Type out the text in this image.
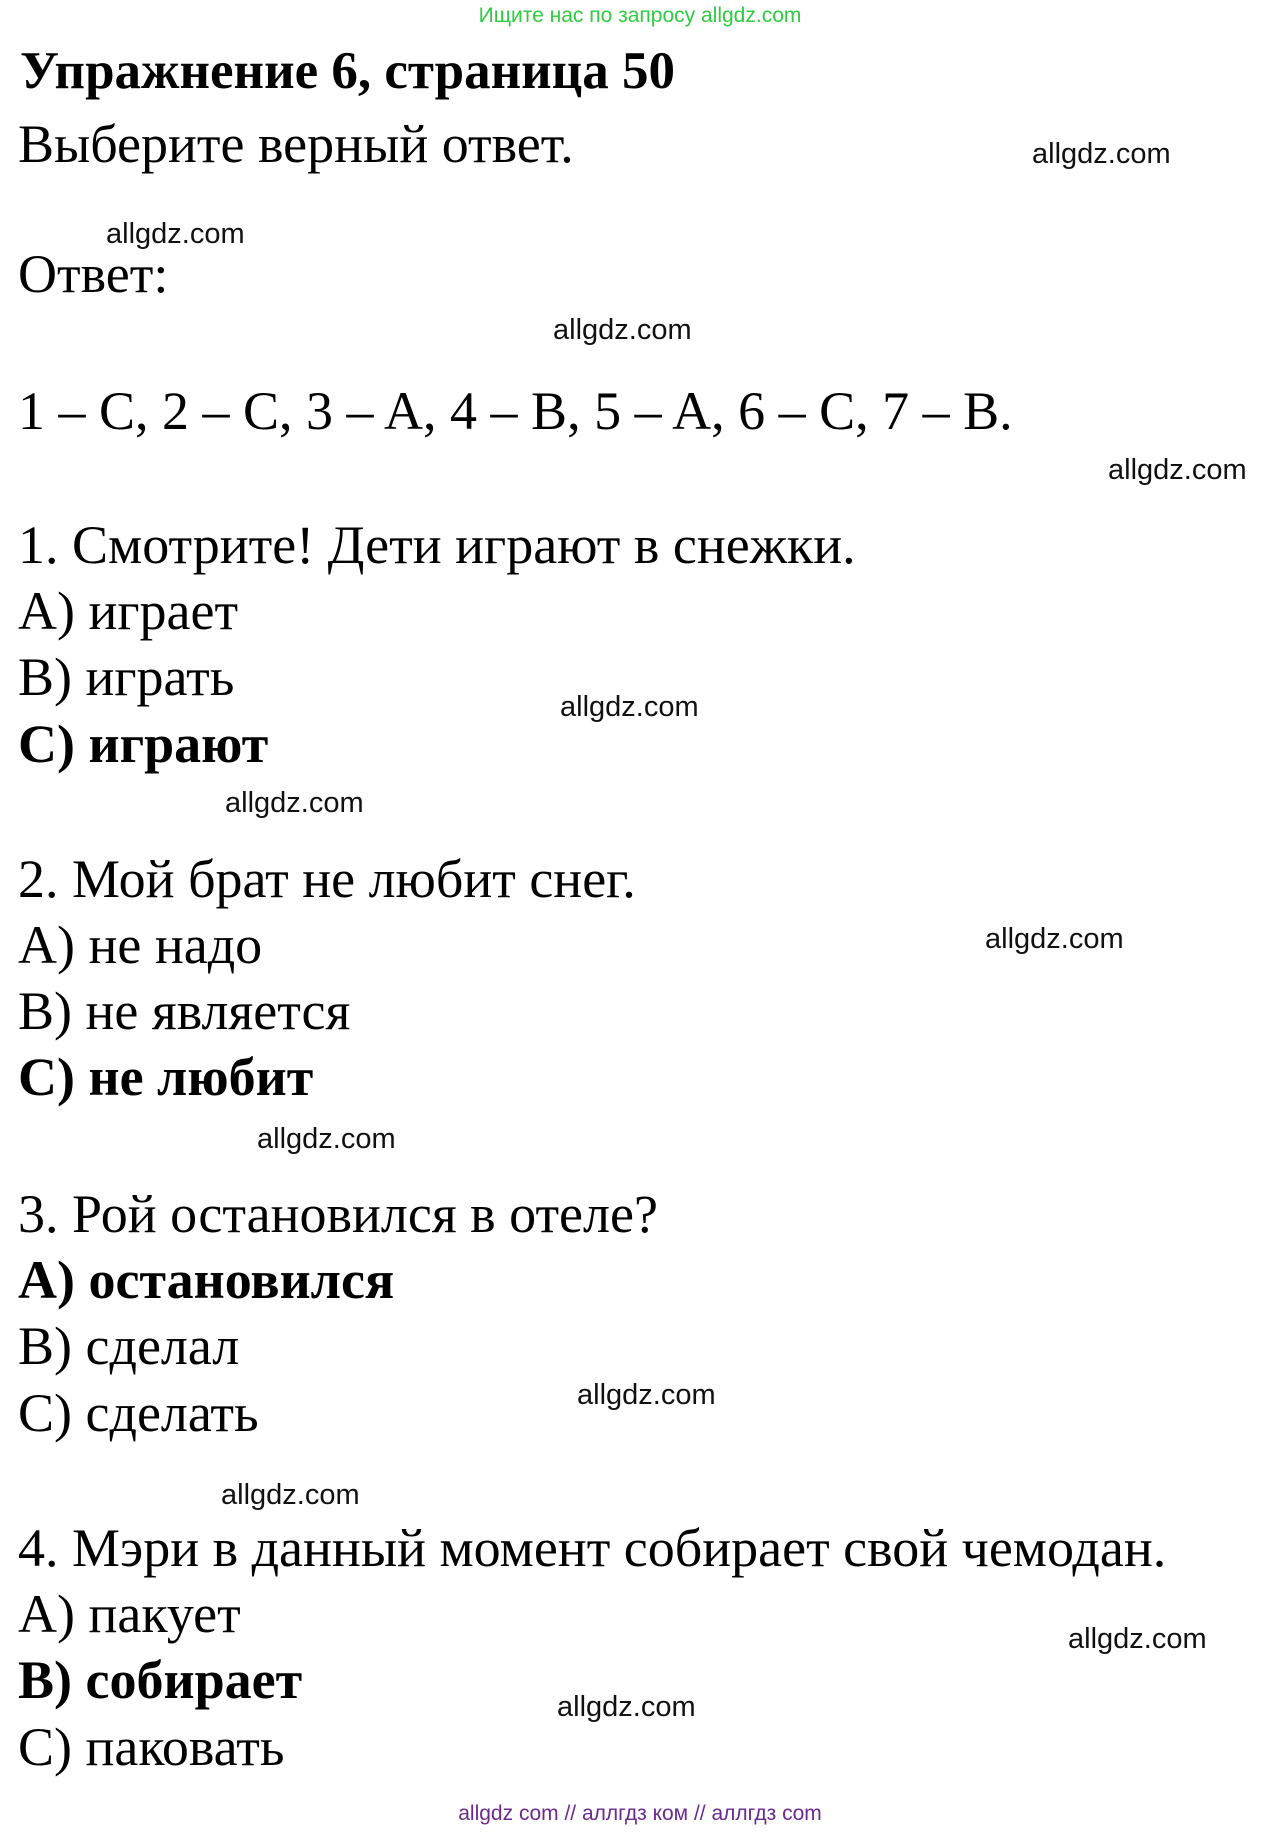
Ищите нас по запросу allgdz.com
Упражнение 6, страница 50
Выберите верный ответ.
Ответ:
1 – C, 2 – C, 3 – A, 4 – B, 5 – A, 6 – C, 7 – B.
1. Смотрите! Дети играют в снежки.
A) играет
B) играть
C) играют
2. Мой брат не любит снег.
A) не надо
B) не является
C) не любит
3. Рой остановился в отеле?
A) остановился
B) сделал
C) сделать
4. Мэри в данный момент собирает свой чемодан.
A) пакует
B) собирает
C) паковать
allgdz.com
allgdz.com
allgdz.com
allgdz.com
allgdz.com
allgdz.com
allgdz.com
allgdz.com
allgdz.com
allgdz.com
allgdz.com
allgdz.com
allgdz com // аллгдз ком // аллгдз com
